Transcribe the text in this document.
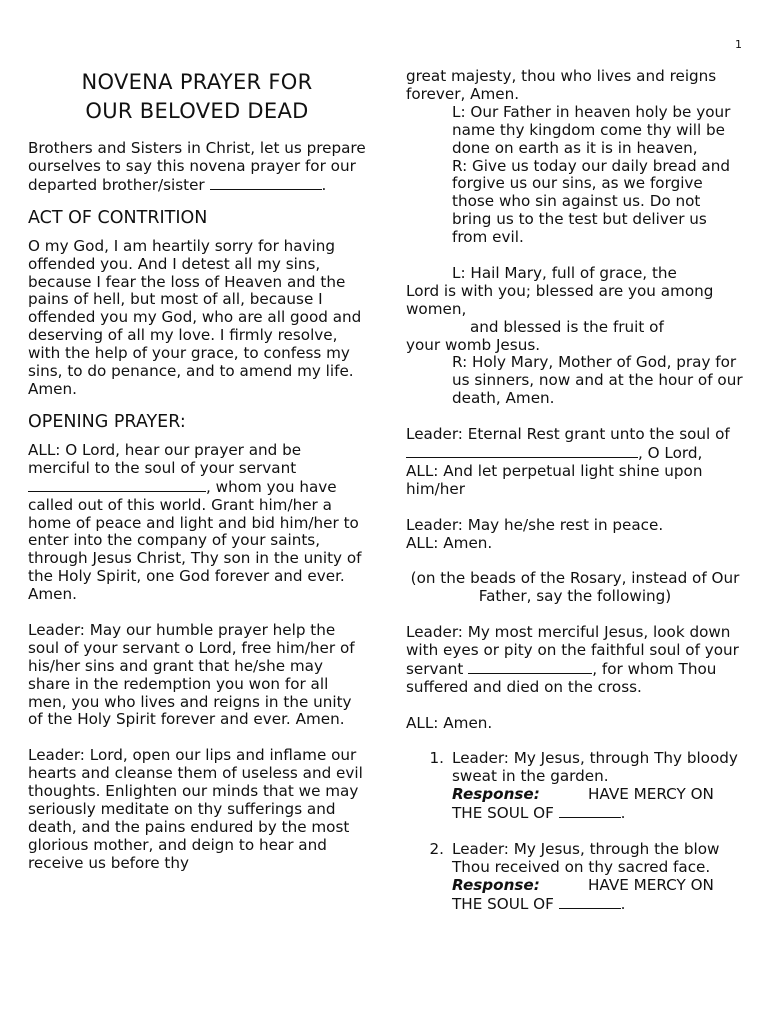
1
NOVENA PRAYER FOR
OUR BELOVED DEAD

Brothers and Sisters in Christ, let us prepare ourselves to say this novena prayer for our departed brother/sister	.

ACT OF CONTRITION

O my God, I am heartily sorry for having offended you. And I detest all my sins, because I fear the loss of Heaven and the pains of hell, but most of all, because I offended you my God, who are all good and deserving of all my love. I firmly resolve, with the help of your grace, to confess my sins, to do penance, and to amend my life. Amen.

OPENING PRAYER:

ALL: O Lord, hear our prayer and be merciful to the soul of your servant , whom you have called out of this world. Grant him/her a home of peace and light and bid him/her to enter into the company of your saints, through Jesus Christ, Thy son in the unity of the Holy Spirit, one God forever and ever. Amen.

Leader: May our humble prayer help the soul of your servant o Lord, free him/her of his/her sins and grant that he/she may share in the redemption you won for all men, you who lives and reigns in the unity of the Holy Spirit forever and ever. Amen.

Leader: Lord, open our lips and inflame our hearts and cleanse them of useless and evil thoughts. Enlighten our minds that we may seriously meditate on thy sufferings and death, and the pains endured by the most glorious mother, and deign to hear and receive us before thy

great majesty, thou who lives and reigns forever, Amen.

L: Our Father in heaven holy be your name thy kingdom come thy will be done on earth as it is in heaven,

R: Give us today our daily bread and forgive us our sins, as we forgive those who sin against us. Do not bring us to the test but deliver us from evil.

L: Hail Mary, full of grace, the

Lord is with you; blessed are you among women,

and blessed is the fruit of

your womb Jesus.

R: Holy Mary, Mother of God, pray for us sinners, now and at the hour of our death, Amen.

Leader: Eternal Rest grant unto the soul of , O Lord,

ALL: And let perpetual light shine upon him/her

Leader: May he/she rest in peace.

ALL: Amen.

(on the beads of the Rosary, instead of Our Father, say the following)

Leader: My most merciful Jesus, look down with eyes or pity on the faithful soul of your servant	, for whom Thou suffered and died on the cross.

ALL: Amen.

1. Leader: My Jesus, through Thy bloody sweat in the garden.

Response:	HAVE MERCY ON THE SOUL OF	.

2. Leader: My Jesus, through the blow Thou received on thy sacred face.

Response:	HAVE MERCY ON THE SOUL OF	.
